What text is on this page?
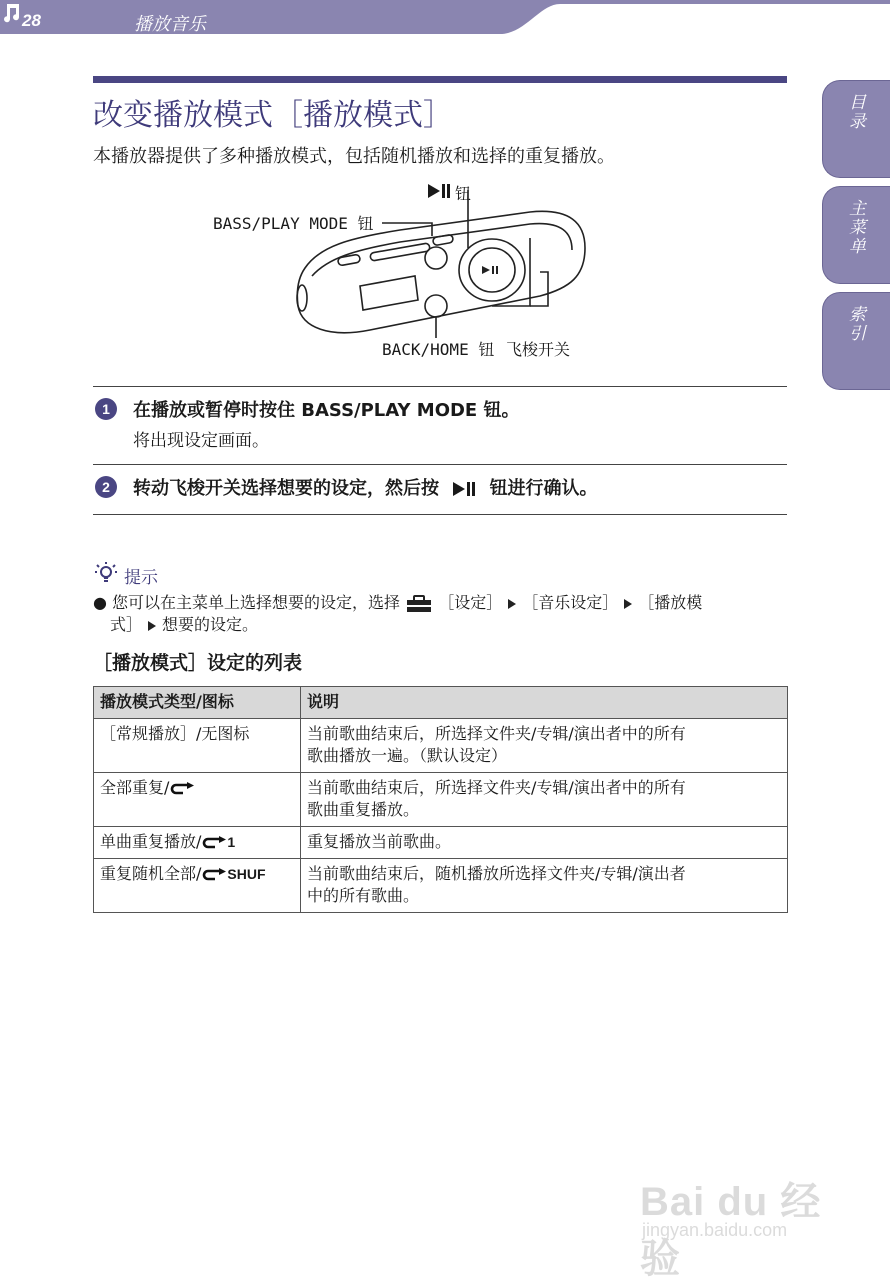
28	播放音乐
目录
主菜单
索引
改变播放模式［播放模式］
本播放器提供了多种播放模式，包括随机播放和选择的重复播放。
钮
BASS/PLAY MODE 钮
BACK/HOME 钮 飞梭开关
1	在播放或暂停时按住 BASS/PLAY MODE 钮。
将出现设定画面。
2	转动飞梭开关选择想要的设定，然后按	钮进行确认。
提示
● 您可以在主菜单上选择想要的设定，选择 ［设定］ ［音乐设定］ ［播放模
式］ 想要的设定。
［播放模式］设定的列表
播放模式类型/图标	说明
［常规播放］/无图标	当前歌曲结束后，所选择文件夹/专辑/演出者中的所有
歌曲播放一遍。（默认设定）
全部重复/	当前歌曲结束后，所选择文件夹/专辑/演出者中的所有
歌曲重复播放。
单曲重复播放/ 1	重复播放当前歌曲。
重复随机全部/ SHUF	当前歌曲结束后，随机播放所选择文件夹/专辑/演出者
中的所有歌曲。
Bai du 经验
jingyan.baidu.com
